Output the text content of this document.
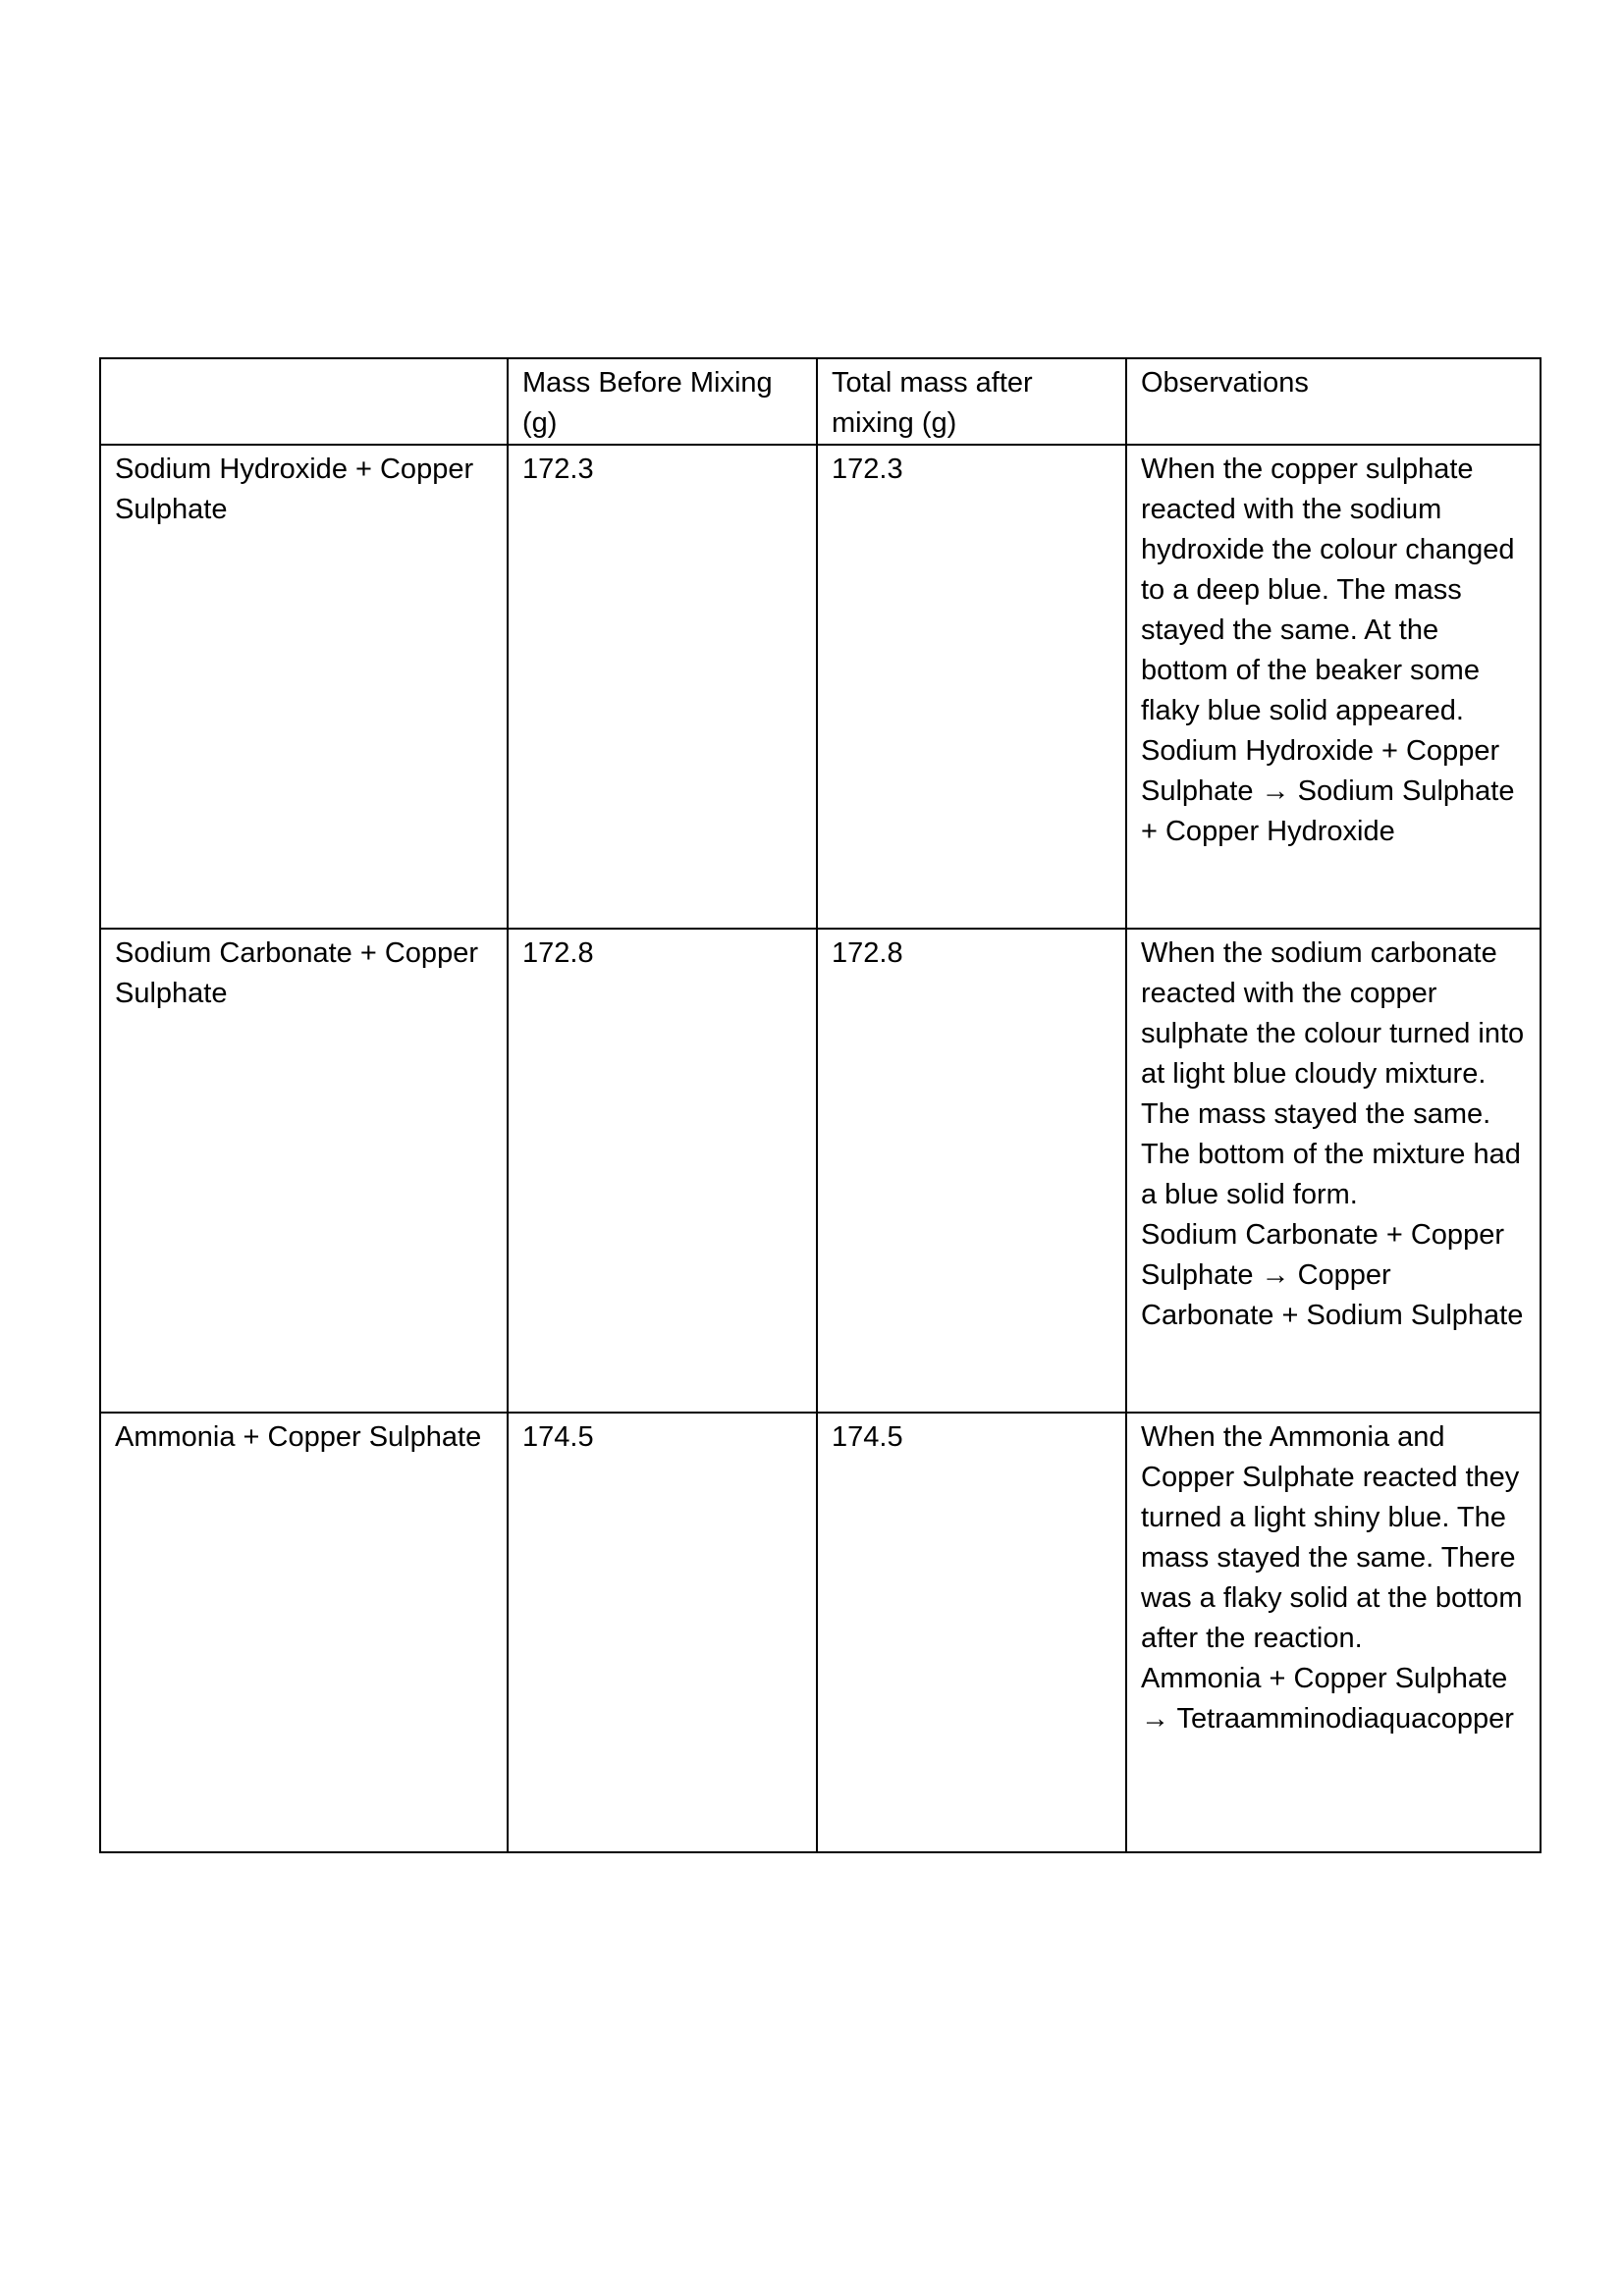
	Mass Before Mixing (g)	Total mass after mixing (g)	Observations
Sodium Hydroxide + Copper Sulphate	172.3	172.3	When the copper sulphate reacted with the sodium hydroxide the colour changed to a deep blue. The mass stayed the same. At the bottom of the beaker some flaky blue solid appeared.
Sodium Hydroxide + Copper Sulphate → Sodium Sulphate + Copper Hydroxide

Sodium Carbonate + Copper Sulphate	172.8	172.8	When the sodium carbonate reacted with the copper sulphate the colour turned into at light blue cloudy mixture. The mass stayed the same. The bottom of the mixture had a blue solid form.
Sodium Carbonate + Copper Sulphate → Copper Carbonate + Sodium Sulphate

Ammonia + Copper Sulphate	174.5	174.5	When the Ammonia and Copper Sulphate reacted they turned a light shiny blue. The mass stayed the same. There was a flaky solid at the bottom after the reaction.
Ammonia + Copper Sulphate → Tetraamminodiaquacopper
